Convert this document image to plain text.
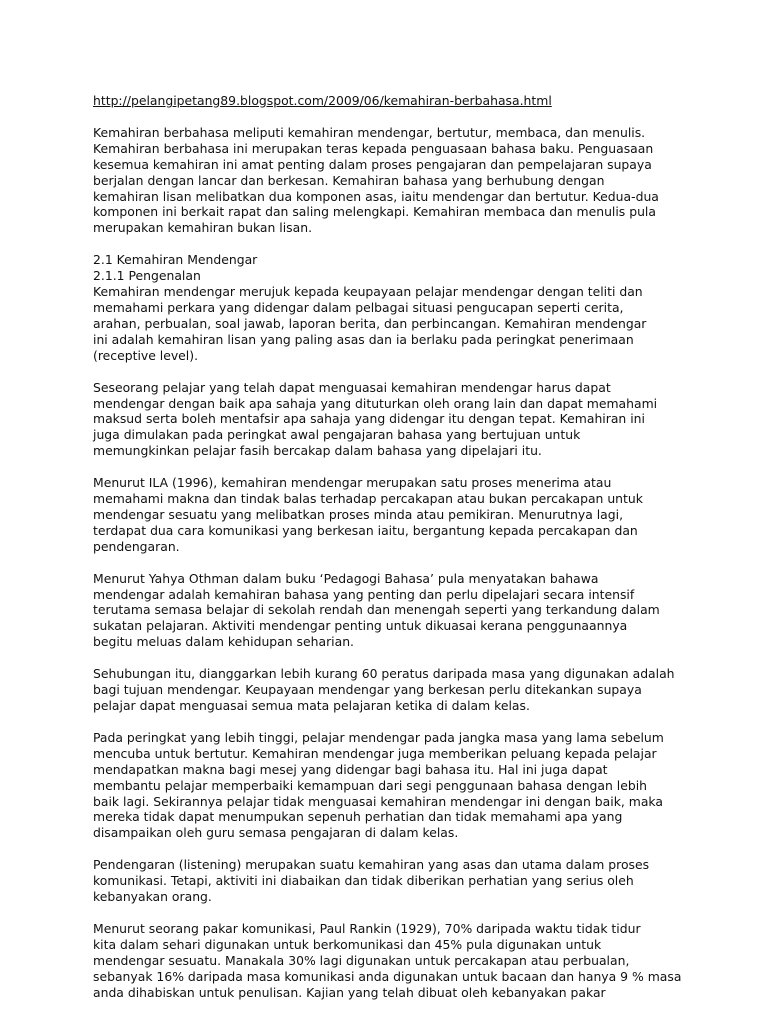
http://pelangipetang89.blogspot.com/2009/06/kemahiran-berbahasa.html
Kemahiran berbahasa meliputi kemahiran mendengar, bertutur, membaca, dan menulis.
Kemahiran berbahasa ini merupakan teras kepada penguasaan bahasa baku. Penguasaan
kesemua kemahiran ini amat penting dalam proses pengajaran dan pempelajaran supaya
berjalan dengan lancar dan berkesan. Kemahiran bahasa yang berhubung dengan
kemahiran lisan melibatkan dua komponen asas, iaitu mendengar dan bertutur. Kedua-dua
komponen ini berkait rapat dan saling melengkapi. Kemahiran membaca dan menulis pula
merupakan kemahiran bukan lisan.
2.1 Kemahiran Mendengar
2.1.1 Pengenalan
Kemahiran mendengar merujuk kepada keupayaan pelajar mendengar dengan teliti dan
memahami perkara yang didengar dalam pelbagai situasi pengucapan seperti cerita,
arahan, perbualan, soal jawab, laporan berita, dan perbincangan. Kemahiran mendengar
ini adalah kemahiran lisan yang paling asas dan ia berlaku pada peringkat penerimaan
(receptive level).
Seseorang pelajar yang telah dapat menguasai kemahiran mendengar harus dapat
mendengar dengan baik apa sahaja yang dituturkan oleh orang lain dan dapat memahami
maksud serta boleh mentafsir apa sahaja yang didengar itu dengan tepat. Kemahiran ini
juga dimulakan pada peringkat awal pengajaran bahasa yang bertujuan untuk
memungkinkan pelajar fasih bercakap dalam bahasa yang dipelajari itu.
Menurut ILA (1996), kemahiran mendengar merupakan satu proses menerima atau
memahami makna dan tindak balas terhadap percakapan atau bukan percakapan untuk
mendengar sesuatu yang melibatkan proses minda atau pemikiran. Menurutnya lagi,
terdapat dua cara komunikasi yang berkesan iaitu, bergantung kepada percakapan dan
pendengaran.
Menurut Yahya Othman dalam buku ‘Pedagogi Bahasa’ pula menyatakan bahawa
mendengar adalah kemahiran bahasa yang penting dan perlu dipelajari secara intensif
terutama semasa belajar di sekolah rendah dan menengah seperti yang terkandung dalam
sukatan pelajaran. Aktiviti mendengar penting untuk dikuasai kerana penggunaannya
begitu meluas dalam kehidupan seharian.
Sehubungan itu, dianggarkan lebih kurang 60 peratus daripada masa yang digunakan adalah
bagi tujuan mendengar. Keupayaan mendengar yang berkesan perlu ditekankan supaya
pelajar dapat menguasai semua mata pelajaran ketika di dalam kelas.
Pada peringkat yang lebih tinggi, pelajar mendengar pada jangka masa yang lama sebelum
mencuba untuk bertutur. Kemahiran mendengar juga memberikan peluang kepada pelajar
mendapatkan makna bagi mesej yang didengar bagi bahasa itu. Hal ini juga dapat
membantu pelajar memperbaiki kemampuan dari segi penggunaan bahasa dengan lebih
baik lagi. Sekirannya pelajar tidak menguasai kemahiran mendengar ini dengan baik, maka
mereka tidak dapat menumpukan sepenuh perhatian dan tidak memahami apa yang
disampaikan oleh guru semasa pengajaran di dalam kelas.
Pendengaran (listening) merupakan suatu kemahiran yang asas dan utama dalam proses
komunikasi. Tetapi, aktiviti ini diabaikan dan tidak diberikan perhatian yang serius oleh
kebanyakan orang.
Menurut seorang pakar komunikasi, Paul Rankin (1929), 70% daripada waktu tidak tidur
kita dalam sehari digunakan untuk berkomunikasi dan 45% pula digunakan untuk
mendengar sesuatu. Manakala 30% lagi digunakan untuk percakapan atau perbualan,
sebanyak 16% daripada masa komunikasi anda digunakan untuk bacaan dan hanya 9 % masa
anda dihabiskan untuk penulisan. Kajian yang telah dibuat oleh kebanyakan pakar
